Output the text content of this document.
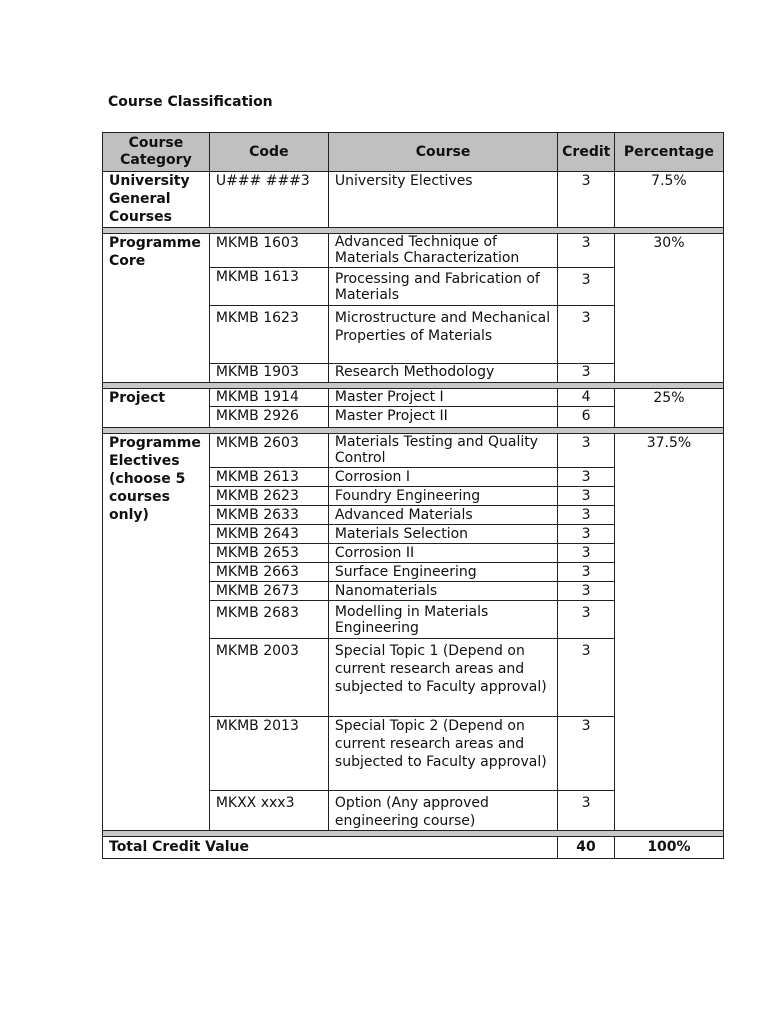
Course Classification
Course Category	Code	Course	Credit	Percentage
University General Courses	U### ###3	University Electives	3	7.5%

Programme Core	MKMB 1603	Advanced Technique of Materials Characterization	3	30%
	MKMB 1613	Processing and Fabrication of Materials	3	
	MKMB 1623	Microstructure and Mechanical Properties of Materials	3	
	MKMB 1903	Research Methodology	3	

Project	MKMB 1914	Master Project I	4	25%
	MKMB 2926	Master Project II	6	

Programme Electives (choose 5 courses only)	MKMB 2603	Materials Testing and Quality Control	3	37.5%
	MKMB 2613	Corrosion I	3	
	MKMB 2623	Foundry Engineering	3	
	MKMB 2633	Advanced Materials	3	
	MKMB 2643	Materials Selection	3	
	MKMB 2653	Corrosion II	3	
	MKMB 2663	Surface Engineering	3	
	MKMB 2673	Nanomaterials	3	
	MKMB 2683	Modelling in Materials Engineering	3	
	MKMB 2003	Special Topic 1 (Depend on current research areas and subjected to Faculty approval)	3	
	MKMB 2013	Special Topic 2 (Depend on current research areas and subjected to Faculty approval)	3	
	MKXX xxx3	Option (Any approved engineering course)	3	

Total Credit Value			40	100%
